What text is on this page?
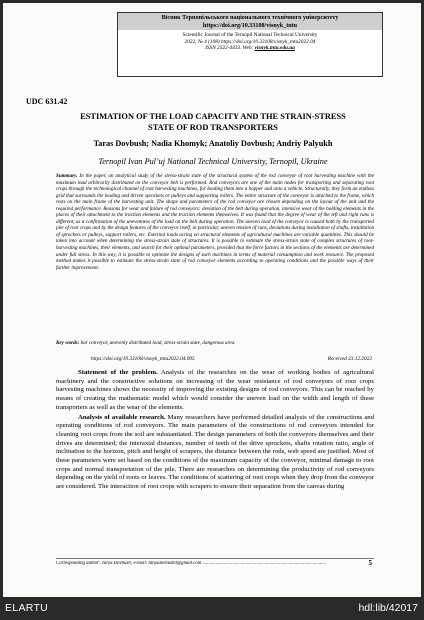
Вісник Тернопільського національного технічного університету
https://doi.org/10.33108/visnyk_tntu
Scientific Journal of the Ternopil National Technical University
2022, № 4 (108) https://doi.org/10.33108/visnyk_tntu2022.04
ISSN 2522-4433. Web: visnyk.tntu.edu.ua
UDC 631.42
ESTIMATION OF THE LOAD CAPACITY AND THE STRAIN-STRESS
STATE OF ROD TRANSPORTERS
Taras Dovbush; Nadia Khomyk; Anatoliy Dovbush; Andriy Palyukh
Ternopil Ivan Pul’uj National Technical University, Ternopil, Ukraine
Summary. In the paper, an analytical study of the stress-strain state of the structural system of the rod conveyor of root harvesting machine with the maximum load arbitrarily distributed on the conveyor belt is performed. Rod conveyors are one of the main nodes for transporting and separating root crops through the technological channel of root harvesting machines, for loading them into a hopper and onto a vehicle. Structurally, they form an endless grid that surrounds the leading and driven sprockets or pulleys and supporting rollers. The entire structure of the conveyor is attached to the frame, which rests on the main frame of the harvesting unit. The shape and parameters of the rod conveyor are chosen depending on the layout of the unit and the required performance. Reasons for wear and failure of rod conveyors: deviation of the belt during operation, intensive wear of the holding elements in the places of their attachment to the traction elements and the traction elements themselves. It was found that the degree of wear of the left and right runs is different, as a confirmation of the unevenness of the load on the belt during operation. The uneven load of the conveyor is caused both by the transported pile of root crops and by the design features of the conveyor itself, in particular, uneven tension of runs, deviations during installation of shafts, installation of sprockets or pulleys, support rollers, etc. External loads acting on structural elements of agricultural machines are variable quantities. This should be taken into account when determining the stress-strain state of structures. It is possible to estimate the stress-strain state of complex structures of root-harvesting machines, their elements, and search for their optimal parameters, provided that the force factors in the sections of the elements are determined under full stress. In this way, it is possible to optimize the designs of such machines in terms of material consumption and work resource. The proposed method makes it possible to estimate the stress-strain state of rod conveyor elements according to operating conditions and the possible ways of their further improvement.
Key words: bar conveyor, unevenly distributed load, stress-strain state, dangerous area.
https://doi.org/10.33108/visnyk_tntu2022.04.005	Received 23.12.2022

Statement of the problem. Analysis of the researches on the wear of working bodies of agricultural machinery and the constructive solutions on increasing of the wear resistance of rod conveyors of root crops harvesting machines shows the necessity of improving the existing designs of rod conveyors. This can be reached by means of creating the mathematic model which would consider the uneven load on the width and length of these transporters as well as the wear of the elements.

Analysis of available research. Many researchers have performed detailed analysis of the constructions and operating conditions of rod conveyors. The main parameters of the constructions of rod conveyors intended for cleaning root crops from the soil are substantiated. The design parameters of both the conveyors themselves and their drives are determined; the interaxial distances, number of teeth of the drive sprockets, shafts rotation ratio, angle of inclination to the horizon, pitch and height of scrapers, the distance between the rods, web speed are justified. Most of these parameters were set based on the conditions of the maximum capacity of the conveyor, minimal damage to root crops and normal transportation of the pile. There are researches on determining the productivity of rod conveyors depending on the yield of roots or leaves. The conditions of scattering of root crops when they drop from the conveyor are considered. The interaction of root crops with scrapers to ensure their separation from the canvas during

Corresponding author: Taras Dovbush; e-mail: tarasdovbush9@gmail.com .......................................................................................................	5
ELARTU	hdl:lib/42017
